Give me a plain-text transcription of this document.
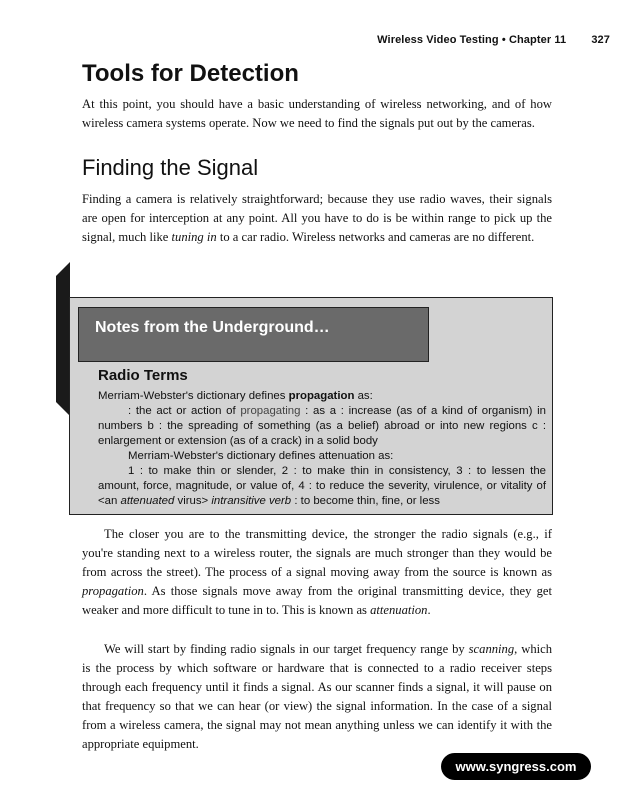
Wireless Video Testing • Chapter 11 327
Tools for Detection

At this point, you should have a basic understanding of wireless networking, and of how wireless camera systems operate. Now we need to find the signals put out by the cameras.

Finding the Signal

Finding a camera is relatively straightforward; because they use radio waves, their signals are open for interception at any point. All you have to do is be within range to pick up the signal, much like tuning in to a car radio. Wireless networks and cameras are no different.

Notes from the Underground…

Radio Terms

Merriam-Webster's dictionary defines propagation as:

: the act or action of propagating : as a : increase (as of a kind of organism) in numbers b : the spreading of something (as a belief) abroad or into new regions c : enlargement or extension (as of a crack) in a solid body

Merriam-Webster's dictionary defines attenuation as:

1 : to make thin or slender, 2 : to make thin in consistency, 3 : to lessen the amount, force, magnitude, or value of, 4 : to reduce the severity, virulence, or vitality of <an attenuated virus> intransitive verb : to become thin, fine, or less

The closer you are to the transmitting device, the stronger the radio signals (e.g., if you're standing next to a wireless router, the signals are much stronger than they would be from across the street). The process of a signal moving away from the source is known as propagation. As those signals move away from the original transmitting device, they get weaker and more difficult to tune in to. This is known as attenuation.

We will start by finding radio signals in our target frequency range by scanning, which is the process by which software or hardware that is connected to a radio receiver steps through each frequency until it finds a signal. As our scanner finds a signal, it will pause on that frequency so that we can hear (or view) the signal information. In the case of a signal from a wireless camera, the signal may not mean anything unless we can identify it with the appropriate equipment.

www.syngress.com
